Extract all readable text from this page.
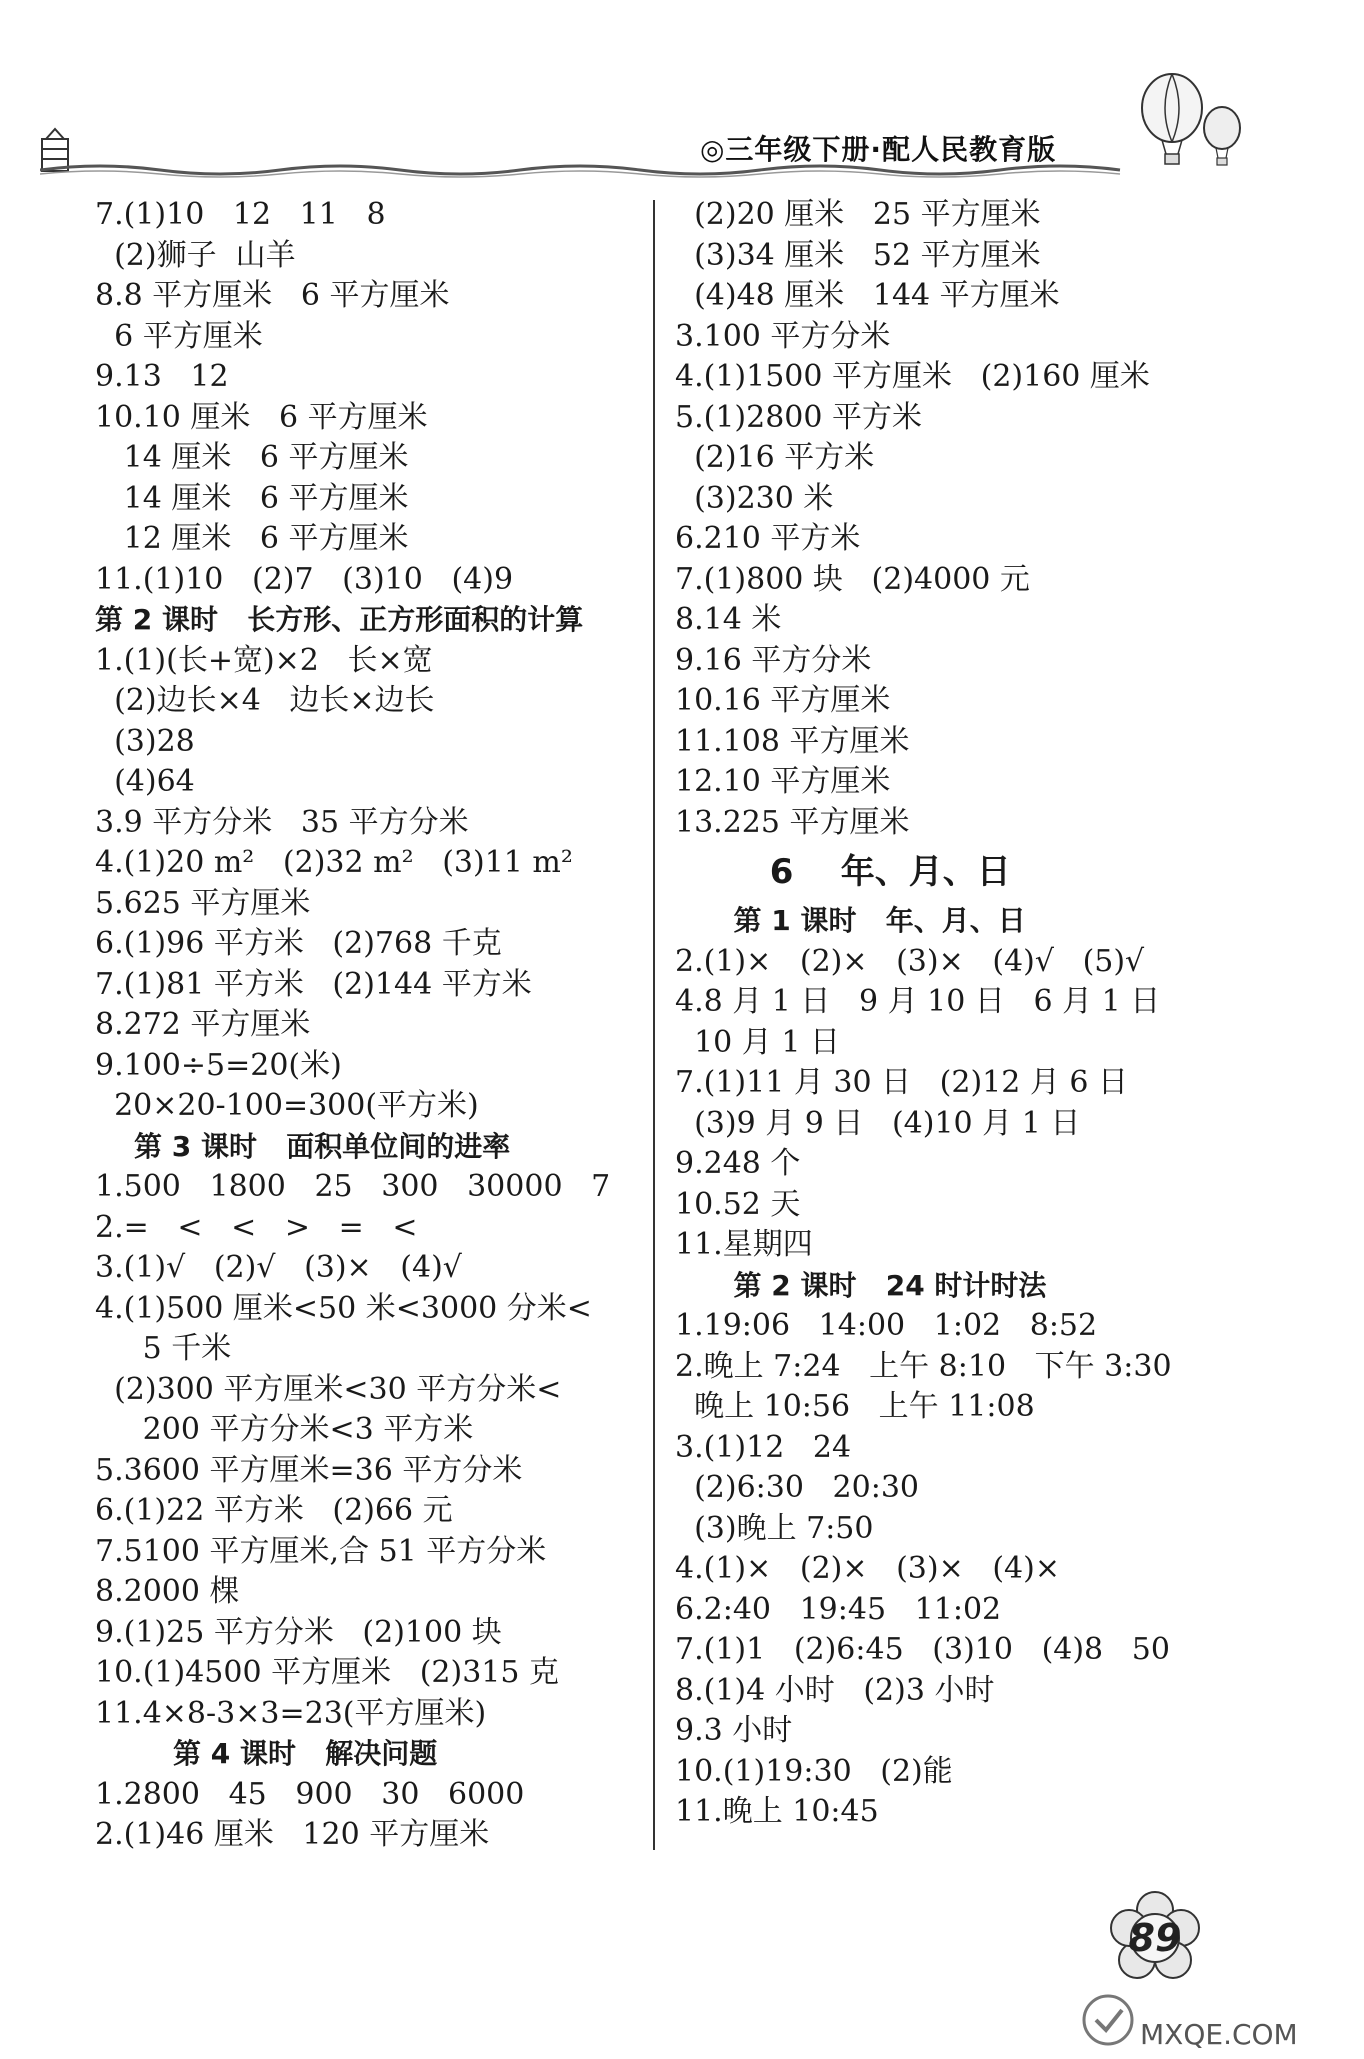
◎三年级下册·配人民教育版
7.(1)10   12   11   8
(2)狮子  山羊
8.8 平方厘米   6 平方厘米
6 平方厘米
9.13   12
10.10 厘米   6 平方厘米
14 厘米   6 平方厘米
14 厘米   6 平方厘米
12 厘米   6 平方厘米
11.(1)10   (2)7   (3)10   (4)9
第 2 课时   长方形、正方形面积的计算
1.(1)(长+宽)×2   长×宽
(2)边长×4   边长×边长
(3)28
(4)64
3.9 平方分米   35 平方分米
4.(1)20 m²   (2)32 m²   (3)11 m²
5.625 平方厘米
6.(1)96 平方米   (2)768 千克
7.(1)81 平方米   (2)144 平方米
8.272 平方厘米
9.100÷5=20(米)
20×20-100=300(平方米)
第 3 课时   面积单位间的进率
1.500   1800   25   300   30000   7
2.=   <   <   >   =   <
3.(1)√   (2)√   (3)×   (4)√
4.(1)500 厘米<50 米<3000 分米<
5 千米
(2)300 平方厘米<30 平方分米<
200 平方分米<3 平方米
5.3600 平方厘米=36 平方分米
6.(1)22 平方米   (2)66 元
7.5100 平方厘米,合 51 平方分米
8.2000 棵
9.(1)25 平方分米   (2)100 块
10.(1)4500 平方厘米   (2)315 克
11.4×8-3×3=23(平方厘米)
第 4 课时   解决问题
1.2800   45   900   30   6000
2.(1)46 厘米   120 平方厘米
(2)20 厘米   25 平方厘米
(3)34 厘米   52 平方厘米
(4)48 厘米   144 平方厘米
3.100 平方分米
4.(1)1500 平方厘米   (2)160 厘米
5.(1)2800 平方米
(2)16 平方米
(3)230 米
6.210 平方米
7.(1)800 块   (2)4000 元
8.14 米
9.16 平方分米
10.16 平方厘米
11.108 平方厘米
12.10 平方厘米
13.225 平方厘米
6    年、月、日
第 1 课时   年、月、日
2.(1)×   (2)×   (3)×   (4)√   (5)√
4.8 月 1 日   9 月 10 日   6 月 1 日
10 月 1 日
7.(1)11 月 30 日   (2)12 月 6 日
(3)9 月 9 日   (4)10 月 1 日
9.248 个
10.52 天
11.星期四
第 2 课时   24 时计时法
1.19:06   14:00   1:02   8:52
2.晚上 7:24   上午 8:10   下午 3:30
晚上 10:56   上午 11:08
3.(1)12   24
(2)6:30   20:30
(3)晚上 7:50
4.(1)×   (2)×   (3)×   (4)×
6.2:40   19:45   11:02
7.(1)1   (2)6:45   (3)10   (4)8   50
8.(1)4 小时   (2)3 小时
9.3 小时
10.(1)19:30   (2)能
11.晚上 10:45
89
MXQE.COM
